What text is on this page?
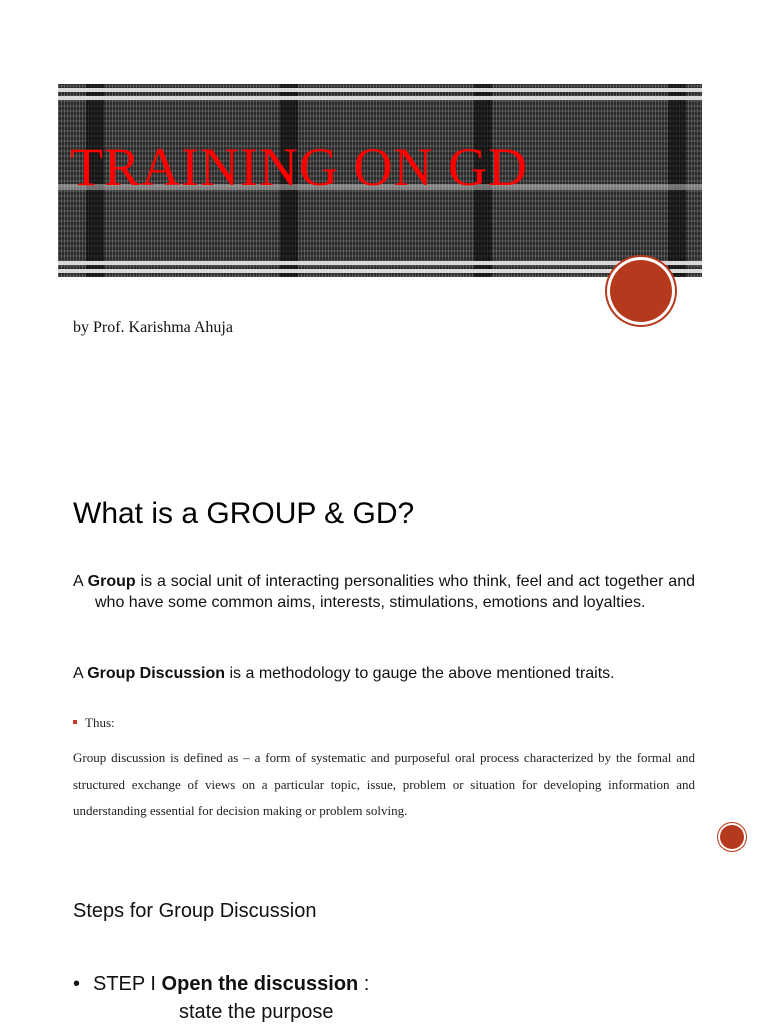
TRAINING ON GD
by Prof. Karishma Ahuja
What is a GROUP & GD?

A Group is a social unit of interacting personalities who think, feel and act together and who have some common aims, interests, stimulations, emotions and loyalties.

A Group Discussion is a methodology to gauge the above mentioned traits.

Thus:

Group discussion is defined as – a form of systematic and purposeful oral process characterized by the formal and structured exchange of views on a particular topic, issue, problem or situation for developing information and understanding essential for decision making or problem solving.

Steps for Group Discussion
• STEP I Open the discussion :
state the purpose
